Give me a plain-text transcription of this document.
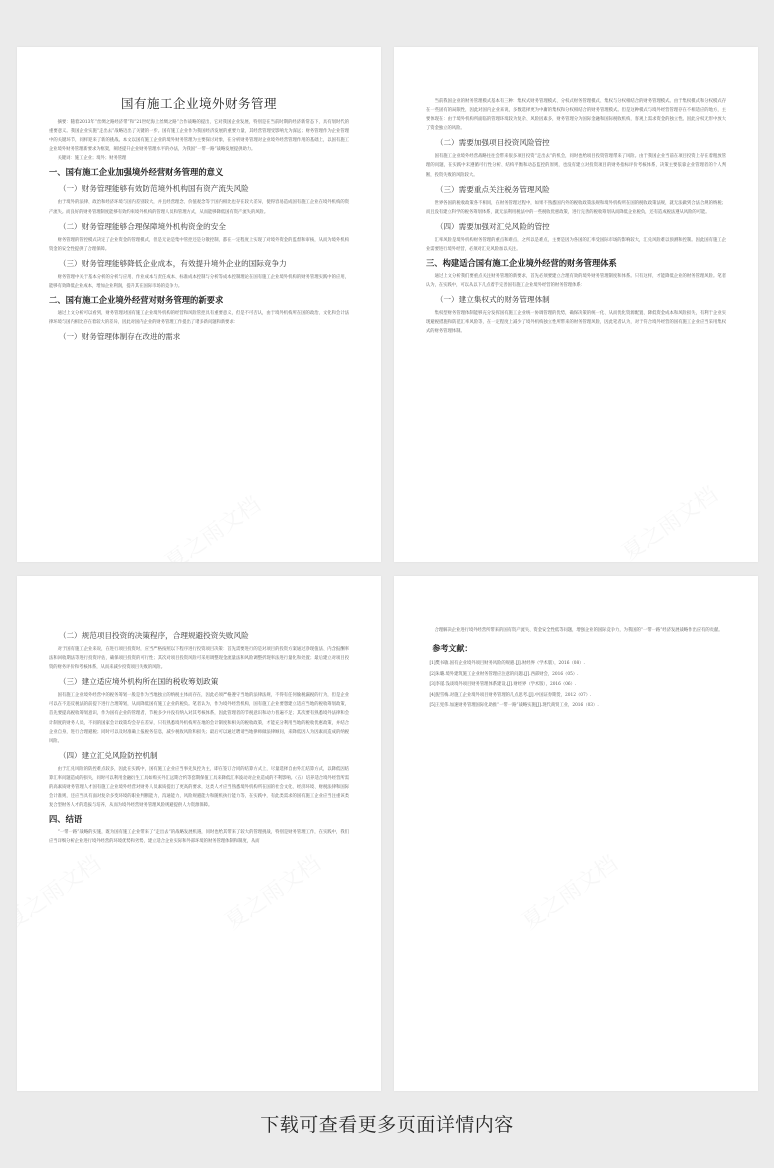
国有施工企业境外财务管理
摘要：随着2013年“丝绸之路经济带”和“21世纪海上丝绸之路”合作战略的提出，它对我国企业发展，特别是在当前时期的经济新常态下，具有划时代的重要意义。我国企业实施“走出去”战略迈出了关键的一步。国有施工企业作为我国经济发展的重要力量，其经营管理受影响尤为深远；财务管理作为企业管理中的关键环节，同样迎来了新的挑战。本文以国有施工企业的境外财务管理为主要探讨对象，在分析财务管理对企业境外经营管理作用的基础上，以国有施工企业境外财务管理新要求为框架，阐述提升企业财务管理水平的办法，为我国“一带一路”战略发展提供助力。
关键词：施工企业；境外；财务管理
一、国有施工企业加强境外经营财务管理的意义
（一）财务管理能够有效防范境外机构国有资产流失风险
由于境外的法律、政治和经济环境与国内差别较大，并且经营理念、价值观念等于国内相比也存在较大差异，使得容易造成国有施工企业在境外机构的资产流失。而良好的财务管理制度能够有效约束境外机构的管理人员和管理方式，从而能够降低国有资产流失的风险。
（二）财务管理能够合理保障境外机构资金的安全
财务管理的管控模式决定了企业资金的管理模式，但是无论是集中管控还是分散控制，都在一定程度上实现了对境外资金的监督和审核，从而为境外机构资金的安全性提供了合理保障。
（三）财务管理能够降低企业成本，有效提升境外企业的国际竞争力
财务管理中关于基本分析的分析与应用、作业成本与责任成本、标准成本控制与分析等成本控制理论在国有施工企业境外机构的财务管理实践中的应用，能够有效降低企业成本，增加企业利润，提升其在国际市场的竞争力。
二、国有施工企业境外经营对财务管理的新要求
通过上文分析可以看到，财务管理对国有施工企业境外机构的经营和风险管控具有重要意义，但是不可否认，由于境外机构所在国的政治、文化和会计法律环境与国内相比存在着较大的差异，因此对国内企业的财务管理工作提出了诸多新问题和新要求：
（一）财务管理体制存在改进的需求
当前我国企业的财务管理模式基本有三种：集权式财务管理模式、分权式财务管理模式、集权与分权相结合的财务管理模式。由于集权模式和分权模式存在一些固有的局限性，因此对国内企业来说，多数选择更为中庸的集权和分权相结合的财务管理模式。但是这种模式与境外经营管理存在不相适应的地方，主要体现在：由于境外机构所面临的管理环境较为复杂、风险因素多，财务管理分为国际金融和国际税收机构，客观上需求资金的独立性。因此分权无形中放大了资金独立的风险。
（二）需要加强项目投资风险管控
国有施工企业境外经营战略往往会带来很多项目投资“走出去”的机会，同时也给项目投资管理带来了风险。由于我国企业当前在项目投资上存在着粗放管理的问题，在实践中未遵循可行性分析、结构平衡和动态监控的原则，也没有建立对投资项目的财务指标评价考核体系，决策主要依靠企业管理者的个人判断，投资失败的风险较大。
（三）需要重点关注税务管理风险
世界各国的税收政策各不相同，在财务管理过程中，如果不熟悉国内外的税收政策法规和境外机构所在国的税收政策法规，就无法做到合法合规的纳税；而且没有建立科学的税务筹划体系，就无法利用税法中的一些税收优惠政策，进行完善的税收筹划从而降低企业税负，还有造成税法遵从风险的可能。
（四）需要加强对汇兑风险的管控
汇率风险是境外机构财务管理的重点和难点，之所以是难点，主要是因为各国的汇率受国际市场的影响较大，汇兑风险难以预测和控制。因此国有施工企业需要进行境外经营，必须对汇兑风险加以关注。
三、构建适合国有施工企业境外经营的财务管理体系
通过上文分析我们要重点关注财务管理的新要求，首先必须要建立合理有效的境外财务管理制度和体系。只有这样，才能降低企业的财务管理风险。笔者认为，在实践中，可以从以下几点着手完善国有施工企业境外经营的财务管理体系：
（一）建立集权式的财务管理体制
集权型财务管理体制能够充分发挥国有施工企业统一协调管理的优势，确保决策的统一化、从而优化资源配置、降低资金成本和风险损失，有利于企业实现避税措施和防范汇率风险等，在一定程度上减少了境外机构独立性所带来的财务管理风险，因此笔者认为，对于符合境外经营的国有施工企业应当采用集权式的财务管理体制。
（二）规范项目投资的决策程序，合理规避投资失败风险
对于国有施工企业来说，在进行项目投资时，应当严格按照以下程序进行投资项目决策：首先需要进行的是对项目的投资方案通过净现值法、内含报酬率法和回收期法等进行投资评估，确保项目投资的可行性；其次对项目投资风险可采用调整现金流量法和风险调整折现率法进行量化和处置；最后建立对项目投资的财务评价和考核体系，从而来减少投资项目失败的风险。
（三）建立适应境外机构所在国的税收筹划政策
国有施工企业境外经营中的税务筹划一般是作为当地独立的纳税主体而存在，因此必须严格遵守当地的法律法规，不得有任何偷税漏税的行为，但是企业可以在不违反税法的前提下进行合理筹划，从而降低国有施工企业的税负。笔者认为，作为境外经营机构，国有施工企业要想建立适应当地的税收筹划政策，首先要提高税收筹划意识，作为国有企业的管理者，节税多少并没有纳入对其考核体系，因此管理者的节税意识和动力普遍不足；其次要有熟悉境外法律和会计制度的财务人员，不同的国家会计政策均会存在差异，只有熟悉境外机构所在地的会计制度和相关的税收政策，才能充分利用当地的税收优惠政策，并结合企业自身，进行合理避税；同时可以及时准确上报税务信息，减少税收风险和损失；最后可以通过聘请当地律师做法律顾问，来降低因人为因素而造成的纳税风险。
（四）建立汇兑风险防控机制
由于汇兑风险的防控难点较多，因此在实践中，国有施工企业应当事先负控为主，即在签订合同的结算方式上，尽量选择自由外汇结算方式，以降低因结算汇率问题造成的损失，同时可以利用金融衍生工具如购买外汇远期合约等套期保值工具来降低汇率波动对企业造成的不利影响。（五）培养适合境外经营所需的高素质财务管理人才国有施工企业境外经营对财务人员素质提出了更高的要求，这类人才应当熟悉境外机构所在国的社会文化、经济环境、财税法律和国际会计准则，还应当具有面对复杂多变环境的职业判断能力，沟通能力，风险规避能力和随机执行能力等，在实践中，有此类需求的国有施工企业应当注重该类复合型财务人才的选拔与培养，从而为境外经营财务管理风险规避提供人力资源保障。
四、结语
“一带一路”战略的实施，既为国有施工企业带来了“走出去”的战略发展机遇，同时也给其带来了较大的管理挑战，特别是财务管理工作，在实践中，我们应当详细分析企业进行境外经营的环境优势和劣势，建立适合企业实际和外部环境的财务管理体制和制度，从而
合理解决企业进行境外经营所带来的国有资产流失、资金安全性低等问题，增强企业的国际竞争力，为我国的“一带一路”经济发展战略作出应有的贡献。
参考文献：
[1]樊书敏.国有企业境外项目财务风险的规避.[J].财经界（学术版），2016（08）.
[2]朱璐.境外建筑施工企业财务管理应注意的问题.[J].西部财会，2016（05）.
[3]李谨.浅谈境外项目财务管理体系建设.[J].财经界（学术版），2016（06）.
[4]倪雪梅.对施工企业境外项目财务管理的几点思考.[J].中国证券期货，2012（07）.
[5]王宪伟.加速财务管理国际化助推“一带一路”战略实施[J].现代商贸工业，2016（03）.
下载可查看更多页面详情内容
